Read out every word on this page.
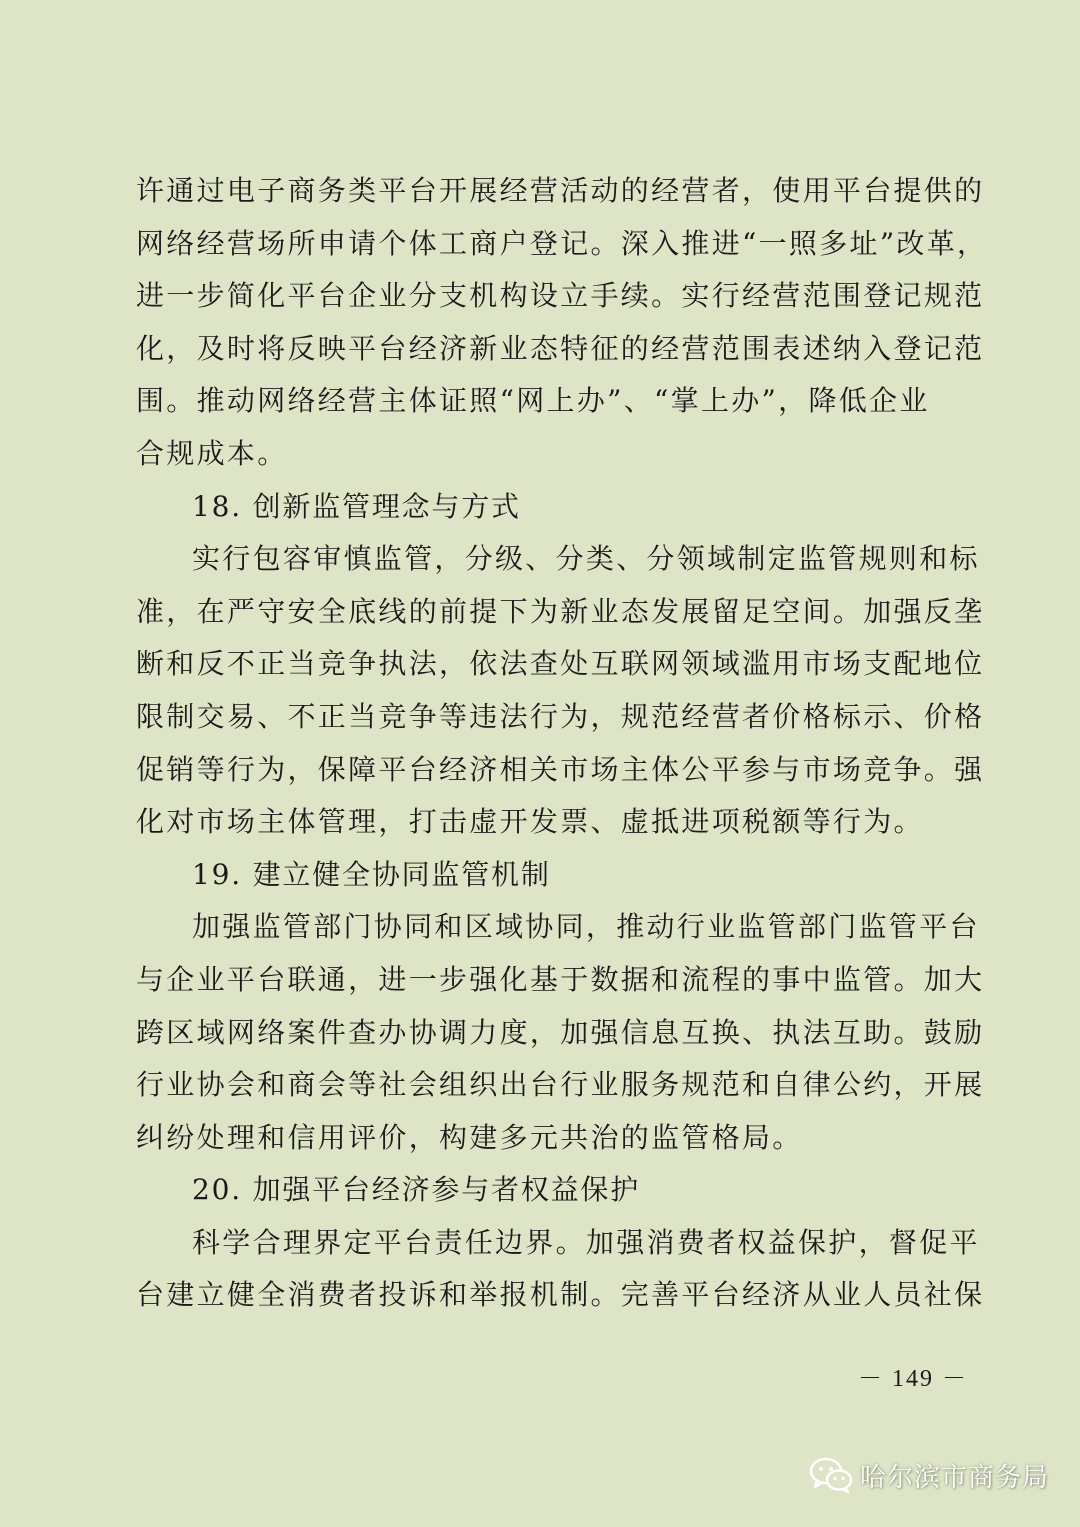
许通过电子商务类平台开展经营活动的经营者，使用平台提供的
网络经营场所申请个体工商户登记。深入推进“一照多址”改革，
进一步简化平台企业分支机构设立手续。实行经营范围登记规范
化，及时将反映平台经济新业态特征的经营范围表述纳入登记范
围。推动网络经营主体证照“网上办”、“掌上办”，降低企业
合规成本。
18. 创新监管理念与方式
实行包容审慎监管，分级、分类、分领域制定监管规则和标
准，在严守安全底线的前提下为新业态发展留足空间。加强反垄
断和反不正当竞争执法，依法查处互联网领域滥用市场支配地位
限制交易、不正当竞争等违法行为，规范经营者价格标示、价格
促销等行为，保障平台经济相关市场主体公平参与市场竞争。强
化对市场主体管理，打击虚开发票、虚抵进项税额等行为。
19. 建立健全协同监管机制
加强监管部门协同和区域协同，推动行业监管部门监管平台
与企业平台联通，进一步强化基于数据和流程的事中监管。加大
跨区域网络案件查办协调力度，加强信息互换、执法互助。鼓励
行业协会和商会等社会组织出台行业服务规范和自律公约，开展
纠纷处理和信用评价，构建多元共治的监管格局。
20. 加强平台经济参与者权益保护
科学合理界定平台责任边界。加强消费者权益保护，督促平
台建立健全消费者投诉和举报机制。完善平台经济从业人员社保
－ 149 －
哈尔滨市商务局
